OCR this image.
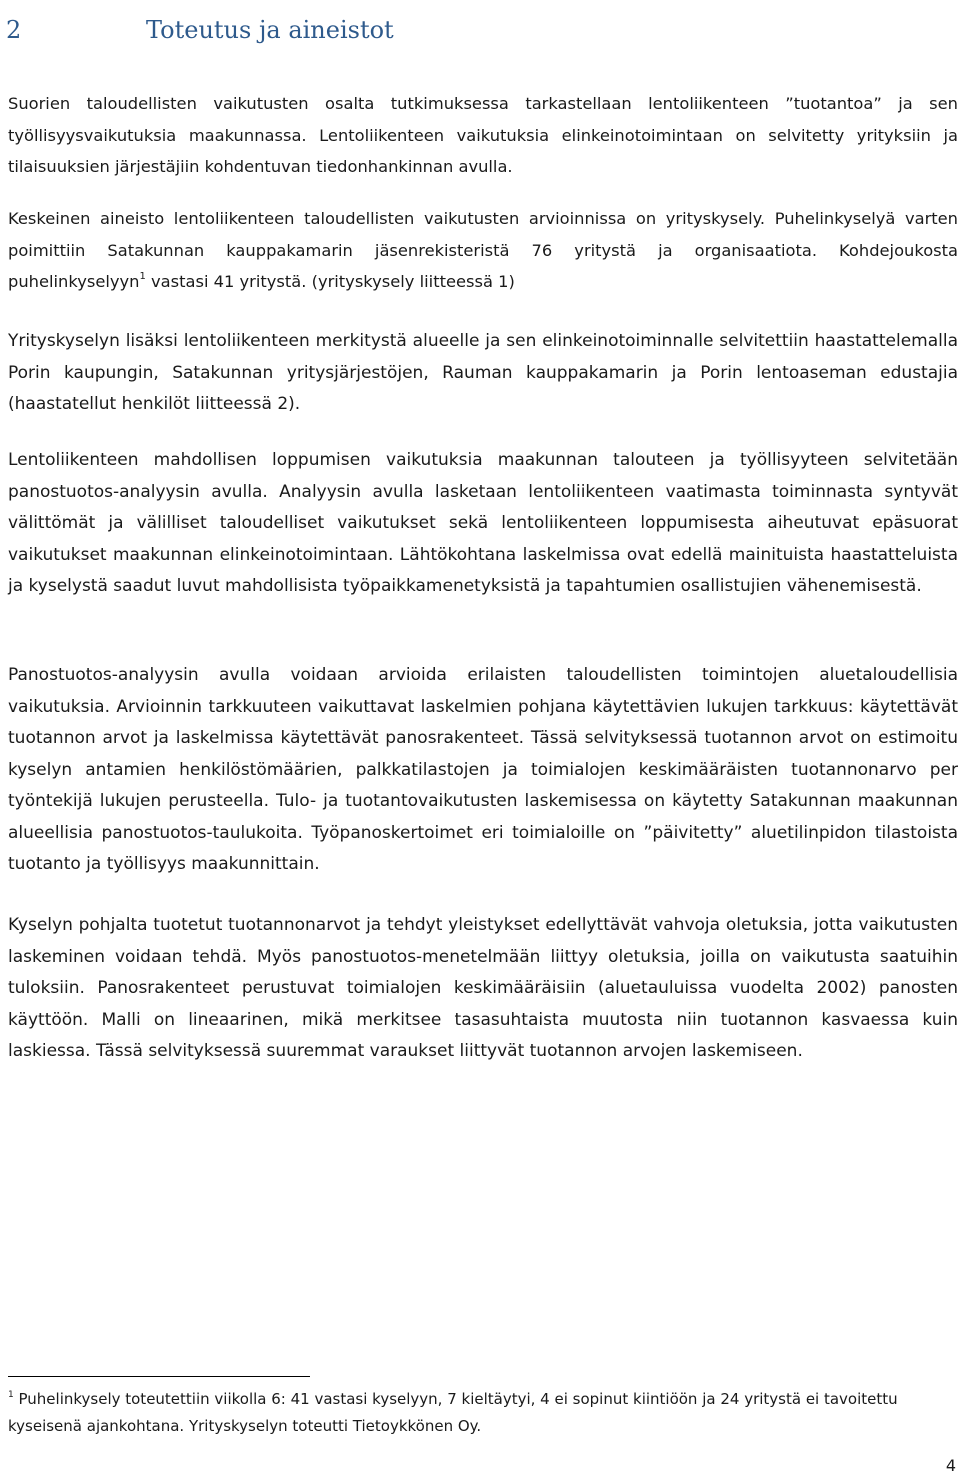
2	Toteutus ja aineistot

Suorien taloudellisten vaikutusten osalta tutkimuksessa tarkastellaan lentoliikenteen ”tuotantoa” ja sen työllisyysvaikutuksia maakunnassa. Lentoliikenteen vaikutuksia elinkeinotoimintaan on selvitetty yrityksiin ja tilaisuuksien järjestäjiin kohdentuvan tiedonhankinnan avulla.

Keskeinen aineisto lentoliikenteen taloudellisten vaikutusten arvioinnissa on yrityskysely. Puhelinkyselyä varten poimittiin Satakunnan kauppakamarin jäsenrekisteristä 76 yritystä ja organisaatiota. Kohdejoukosta puhelinkyselyyn$^1$ vastasi 41 yritystä. (yrityskysely liitteessä 1)

Yrityskyselyn lisäksi lentoliikenteen merkitystä alueelle ja sen elinkeinotoiminnalle selvitettiin haastattelemalla Porin kaupungin, Satakunnan yritysjärjestöjen, Rauman kauppakamarin ja Porin lentoaseman edustajia (haastatellut henkilöt liitteessä 2).

Lentoliikenteen mahdollisen loppumisen vaikutuksia maakunnan talouteen ja työllisyyteen selvitetään panostuotos-analyysin avulla. Analyysin avulla lasketaan lentoliikenteen vaatimasta toiminnasta syntyvät välittömät ja välilliset taloudelliset vaikutukset sekä lentoliikenteen loppumisesta aiheutuvat epäsuorat vaikutukset maakunnan elinkeinotoimintaan. Lähtökohtana laskelmissa ovat edellä mainituista haastatteluista ja kyselystä saadut luvut mahdollisista työpaikkamenetyksistä ja tapahtumien osallistujien vähenemisestä.

Panostuotos-analyysin avulla voidaan arvioida erilaisten taloudellisten toimintojen aluetaloudellisia vaikutuksia. Arvioinnin tarkkuuteen vaikuttavat laskelmien pohjana käytettävien lukujen tarkkuus: käytettävät tuotannon arvot ja laskelmissa käytettävät panosrakenteet. Tässä selvityksessä tuotannon arvot on estimoitu kyselyn antamien henkilöstömäärien, palkkatilastojen ja toimialojen keskimääräisten tuotannonarvo per työntekijä lukujen perusteella. Tulo- ja tuotantovaikutusten laskemisessa on käytetty Satakunnan maakunnan alueellisia panostuotos-taulukoita. Työpanoskertoimet eri toimialoille on ”päivitetty” aluetilinpidon tilastoista tuotanto ja työllisyys maakunnittain.

Kyselyn pohjalta tuotetut tuotannonarvot ja tehdyt yleistykset edellyttävät vahvoja oletuksia, jotta vaikutusten laskeminen voidaan tehdä. Myös panostuotos-menetelmään liittyy oletuksia, joilla on vaikutusta saatuihin tuloksiin. Panosrakenteet perustuvat toimialojen keskimääräisiin (aluetauluissa vuodelta 2002) panosten käyttöön. Malli on lineaarinen, mikä merkitsee tasasuhtaista muutosta niin tuotannon kasvaessa kuin laskiessa. Tässä selvityksessä suuremmat varaukset liittyvät tuotannon arvojen laskemiseen.

$^1$ Puhelinkysely toteutettiin viikolla 6: 41 vastasi kyselyyn, 7 kieltäytyi, 4 ei sopinut kiintiöön ja 24 yritystä ei tavoitettu kyseisenä ajankohtana. Yrityskyselyn toteutti Tietoykkönen Oy.

4
